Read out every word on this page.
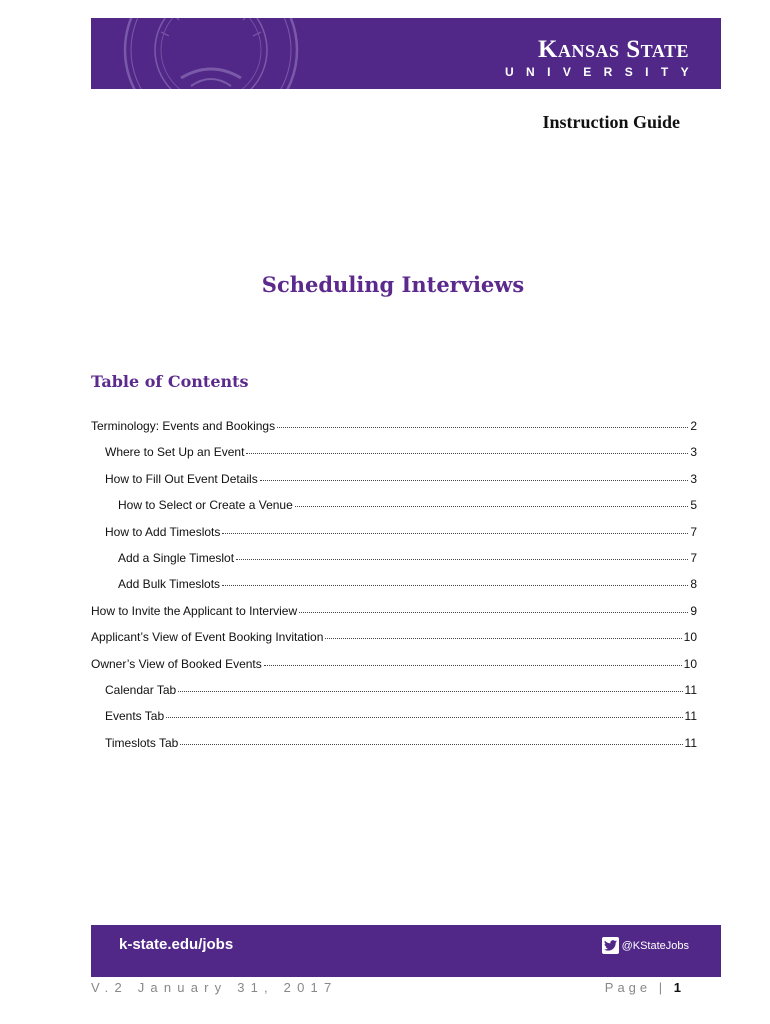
Kansas State
UNIVERSITY
Instruction Guide
Scheduling Interviews
Table of Contents
Terminology: Events and Bookings	2
Where to Set Up an Event	3
How to Fill Out Event Details	3
How to Select or Create a Venue	5
How to Add Timeslots	7
Add a Single Timeslot	7
Add Bulk Timeslots	8
How to Invite the Applicant to Interview	9
Applicant’s View of Event Booking Invitation	10
Owner’s View of Booked Events	10
Calendar Tab	11
Events Tab	11
Timeslots Tab	11
k-state.edu/jobs	@KStateJobs
V.2 January 31, 2017	Page | 1
